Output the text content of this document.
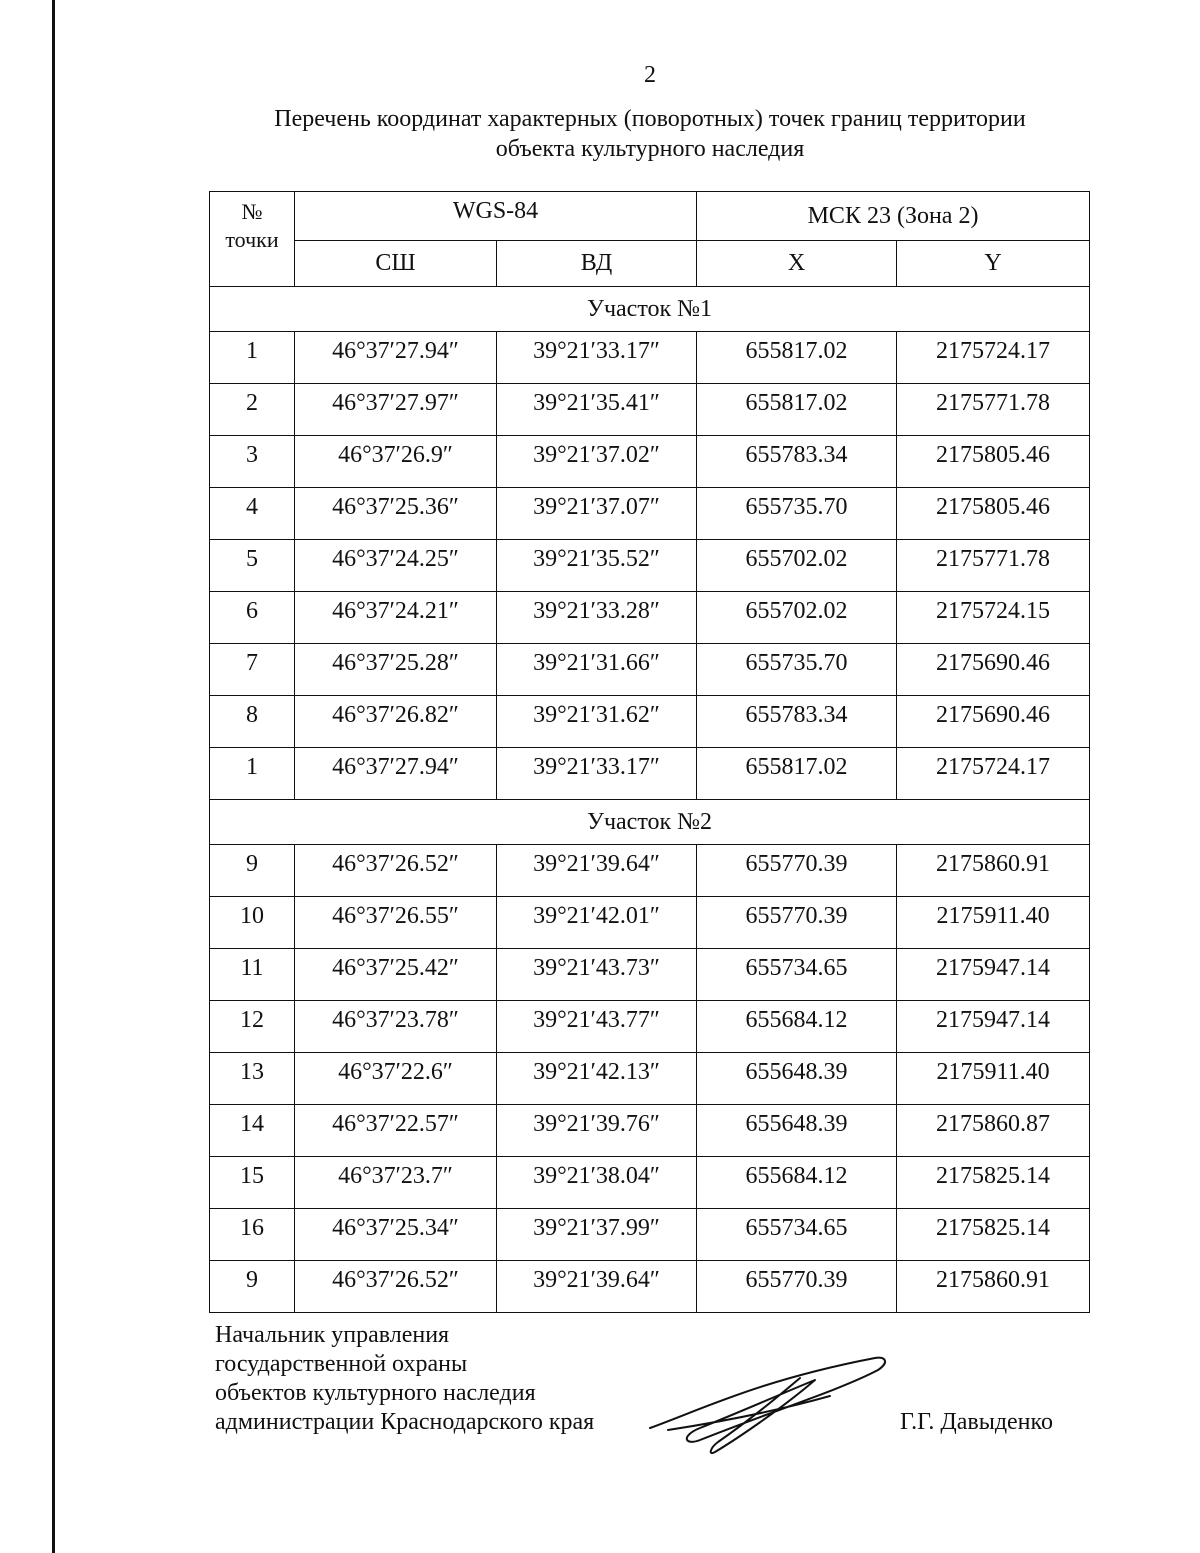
2
Перечень координат характерных (поворотных) точек границ территории
объекта культурного наследия
№
точки	WGS-84		МСК 23 (Зона 2)	
	СШ	ВД	X	Y
Участок №1				
1	46°37′27.94″	39°21′33.17″	655817.02	2175724.17
2	46°37′27.97″	39°21′35.41″	655817.02	2175771.78
3	46°37′26.9″	39°21′37.02″	655783.34	2175805.46
4	46°37′25.36″	39°21′37.07″	655735.70	2175805.46
5	46°37′24.25″	39°21′35.52″	655702.02	2175771.78
6	46°37′24.21″	39°21′33.28″	655702.02	2175724.15
7	46°37′25.28″	39°21′31.66″	655735.70	2175690.46
8	46°37′26.82″	39°21′31.62″	655783.34	2175690.46
1	46°37′27.94″	39°21′33.17″	655817.02	2175724.17
Участок №2				
9	46°37′26.52″	39°21′39.64″	655770.39	2175860.91
10	46°37′26.55″	39°21′42.01″	655770.39	2175911.40
11	46°37′25.42″	39°21′43.73″	655734.65	2175947.14
12	46°37′23.78″	39°21′43.77″	655684.12	2175947.14
13	46°37′22.6″	39°21′42.13″	655648.39	2175911.40
14	46°37′22.57″	39°21′39.76″	655648.39	2175860.87
15	46°37′23.7″	39°21′38.04″	655684.12	2175825.14
16	46°37′25.34″	39°21′37.99″	655734.65	2175825.14
9	46°37′26.52″	39°21′39.64″	655770.39	2175860.91
Начальник управления
государственной охраны
объектов культурного наследия
администрации Краснодарского края	Г.Г. Давыденко
